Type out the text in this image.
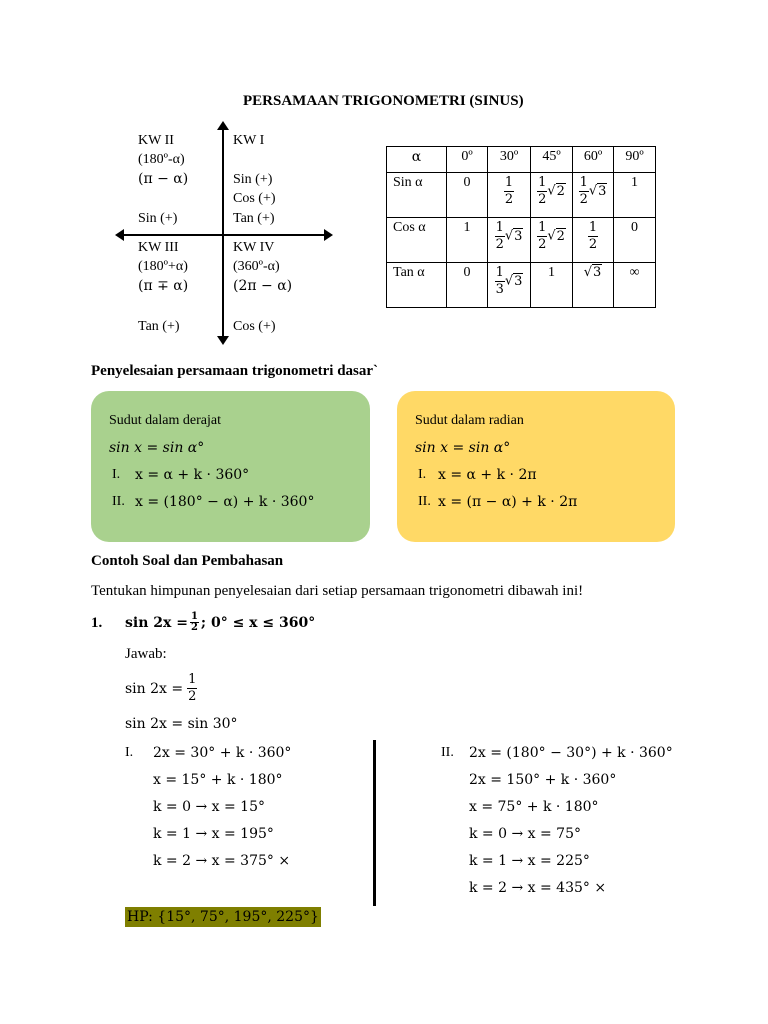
PERSAMAAN TRIGONOMETRI (SINUS)
KW II
(180º-α)
(π − α)
Sin (+)
KW I
Sin (+)
Cos (+)
Tan (+)
KW III
(180º+α)
(π ∓ α)
Tan (+)
KW IV
(360º-α)
(2π − α)
Cos (+)
α	0º	30º	45º	60º	90º
Sin α	0	$\frac{1}{2}$	$\frac{1}{2} √2$	$\frac{1}{2} √3$	1
Cos α	1	$\frac{1}{2} √3$	$\frac{1}{2} √2$	$\frac{1}{2}$	0
Tan α	0	$\frac{1}{3} √3$	1	√3	∞
Penyelesaian persamaan trigonometri dasar`
Sudut dalam derajat
sin x = sin α°
I. x = α + k · 360°
II. x = (180° − α) + k · 360°
Sudut dalam radian
sin x = sin α°
I. x = α + k · 2π
II. x = (π − α) + k · 2π
Contoh Soal dan Pembahasan
Tentukan himpunan penyelesaian dari setiap persamaan trigonometri dibawah ini!
1. $\sin 2x = \frac{1}{2}$ ; 0° ≤ x ≤ 360°
Jawab:
$\sin 2x = \frac{1}{2}$
sin 2x = sin 30°
I. 2x = 30° + k · 360°
x = 15° + k · 180°
k = 0 → x = 15°
k = 1 → x = 195°
k = 2 → x = 375° ×
II. 2x = (180° − 30°) + k · 360°
2x = 150° + k · 360°
x = 75° + k · 180°
k = 0 → x = 75°
k = 1 → x = 225°
k = 2 → x = 435° ×
HP: {15°, 75°, 195°, 225°}
